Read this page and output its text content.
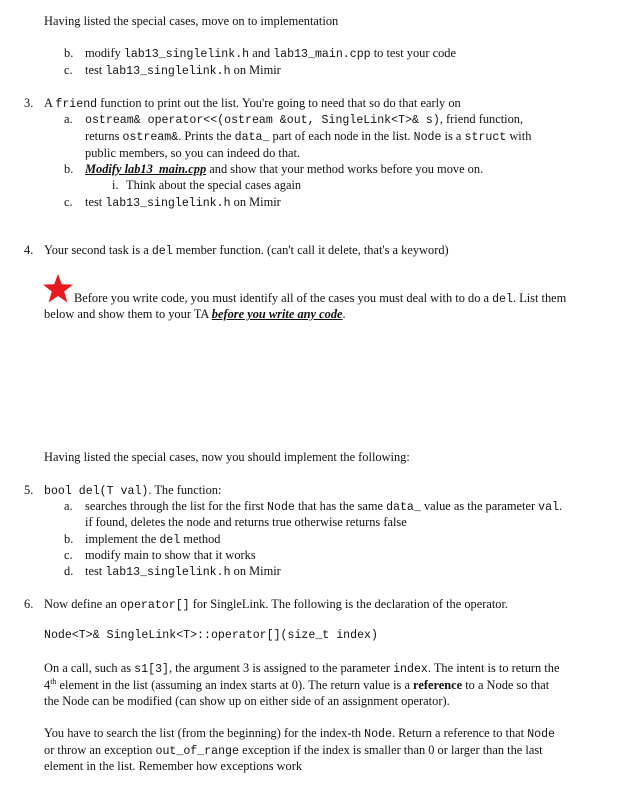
Having listed the special cases, move on to implementation
b. modify lab13_singlelink.h and lab13_main.cpp to test your code
c. test lab13_singlelink.h on Mimir
3. A friend function to print out the list. You're going to need that so do that early on
a. ostream& operator<<(ostream &out, SingleLink<T>& s), friend function,
returns ostream&. Prints the data_ part of each node in the list. Node is a struct with
public members, so you can indeed do that.
b. Modify lab13_main.cpp and show that your method works before you move on.
i. Think about the special cases again
c. test lab13_singlelink.h on Mimir
4. Your second task is a del member function. (can't call it delete, that's a keyword)
Before you write code, you must identify all of the cases you must deal with to do a del. List them
below and show them to your TA before you write any code.
Having listed the special cases, now you should implement the following:
5. bool del(T val). The function:
a. searches through the list for the first Node that has the same data_ value as the parameter val.
if found, deletes the node and returns true otherwise returns false
b. implement the del method
c. modify main to show that it works
d. test lab13_singlelink.h on Mimir
6. Now define an operator[] for SingleLink. The following is the declaration of the operator.
Node<T>& SingleLink<T>::operator[](size_t index)
On a call, such as s1[3], the argument 3 is assigned to the parameter index. The intent is to return the
4th element in the list (assuming an index starts at 0). The return value is a reference to a Node so that
the Node can be modified (can show up on either side of an assignment operator).
You have to search the list (from the beginning) for the index-th Node. Return a reference to that Node
or throw an exception out_of_range exception if the index is smaller than 0 or larger than the last
element in the list. Remember how exceptions work
